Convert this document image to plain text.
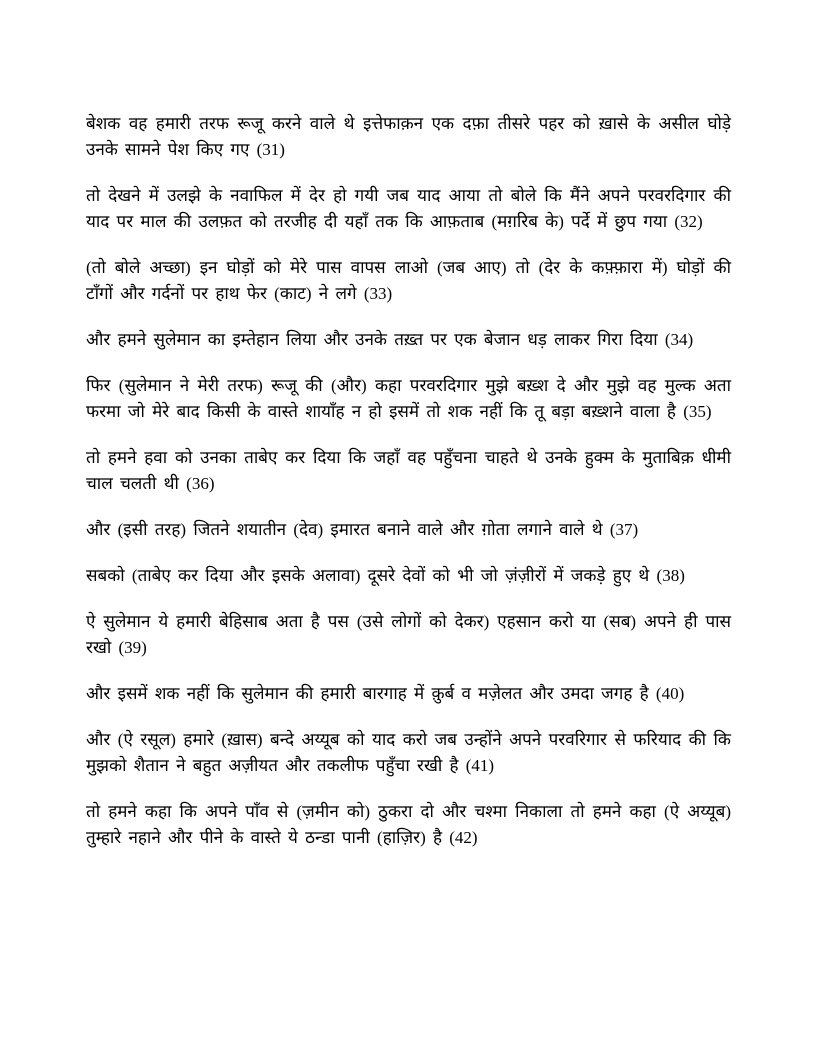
बेशक वह हमारी तरफ रूजू करने वाले थे इत्तेफाक़न एक दफ़ा तीसरे पहर को ख़ासे के असील घोड़े उनके सामने पेश किए गए (31)

तो देखने में उलझे के नवाफिल में देर हो गयी जब याद आया तो बोले कि मैंने अपने परवरदिगार की याद पर माल की उलफ़त को तरजीह दी यहाँ तक कि आफ़ताब (मग़रिब के) पर्दे में छुप गया (32)

(तो बोले अच्छा) इन घोड़ों को मेरे पास वापस लाओ (जब आए) तो (देर के कफ़्फ़ारा में) घोड़ों की टाँगों और गर्दनों पर हाथ फेर (काट) ने लगे (33)

और हमने सुलेमान का इम्तेहान लिया और उनके तख़्त पर एक बेजान धड़ लाकर गिरा दिया (34)

फिर (सुलेमान ने मेरी तरफ) रूजू की (और) कहा परवरदिगार मुझे बख़्श दे और मुझे वह मुल्क अता फरमा जो मेरे बाद किसी के वास्ते शायाँह न हो इसमें तो शक नहीं कि तू बड़ा बख़्शने वाला है (35)

तो हमने हवा को उनका ताबेए कर दिया कि जहाँ वह पहुँचना चाहते थे उनके हुक्म के मुताबिक़ धीमी चाल चलती थी (36)

और (इसी तरह) जितने शयातीन (देव) इमारत बनाने वाले और ग़ोता लगाने वाले थे (37)

सबको (ताबेए कर दिया और इसके अलावा) दूसरे देवों को भी जो ज़ंज़ीरों में जकड़े हुए थे (38)

ऐ सुलेमान ये हमारी बेहिसाब अता है पस (उसे लोगों को देकर) एहसान करो या (सब) अपने ही पास रखो (39)

और इसमें शक नहीं कि सुलेमान की हमारी बारगाह में क़ुर्ब व मज़ेलत और उमदा जगह है (40)

और (ऐ रसूल) हमारे (ख़ास) बन्दे अय्यूब को याद करो जब उन्होंने अपने परवरिगार से फरियाद की कि मुझको शैतान ने बहुत अज़ीयत और तकलीफ पहुँचा रखी है (41)

तो हमने कहा कि अपने पाँव से (ज़मीन को) ठुकरा दो और चश्मा निकाला तो हमने कहा (ऐ अय्यूब) तुम्हारे नहाने और पीने के वास्ते ये ठन्डा पानी (हाज़िर) है (42)
